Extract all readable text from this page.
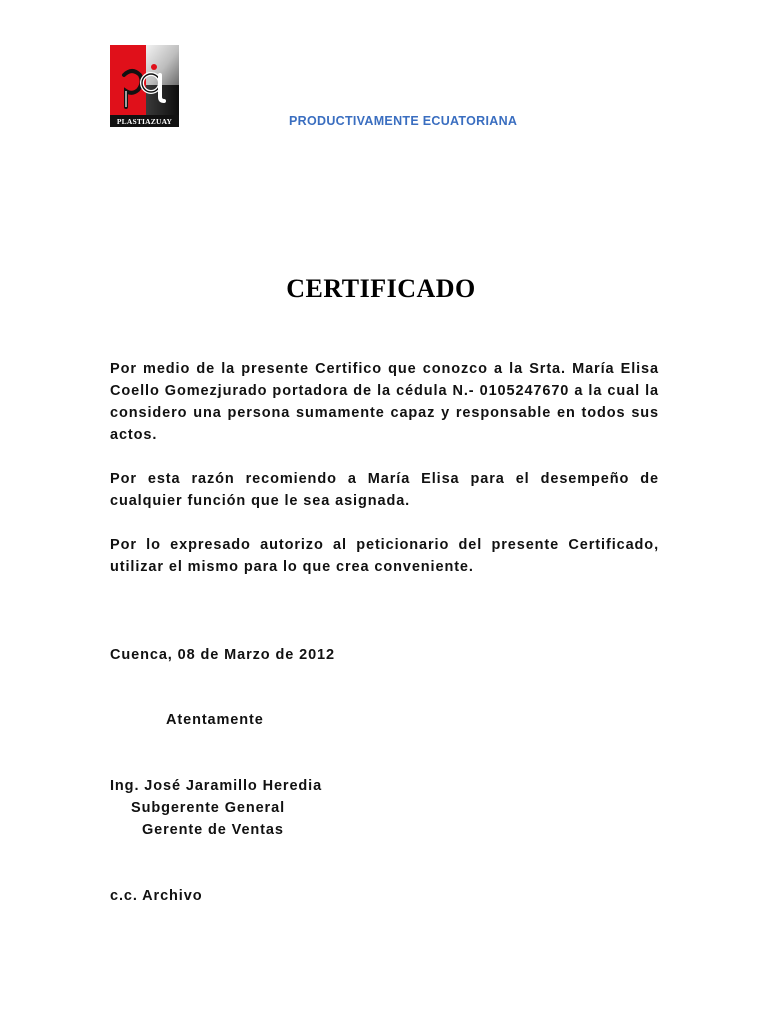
PLASTIAZUAY	PRODUCTIVAMENTE ECUATORIANA
CERTIFICADO
Por medio de la presente Certifico que conozco a la Srta. María Elisa Coello Gomezjurado portadora de la cédula N.- 0105247670 a la cual la considero una persona sumamente capaz y responsable en todos sus actos.
Por esta razón recomiendo a María Elisa para el desempeño de cualquier función que le sea asignada.
Por lo expresado autorizo al peticionario del presente Certificado, utilizar el mismo para lo que crea conveniente.
Cuenca, 08 de Marzo de 2012
Atentamente
Ing. José Jaramillo Heredia
Subgerente General
Gerente de Ventas
c.c. Archivo
